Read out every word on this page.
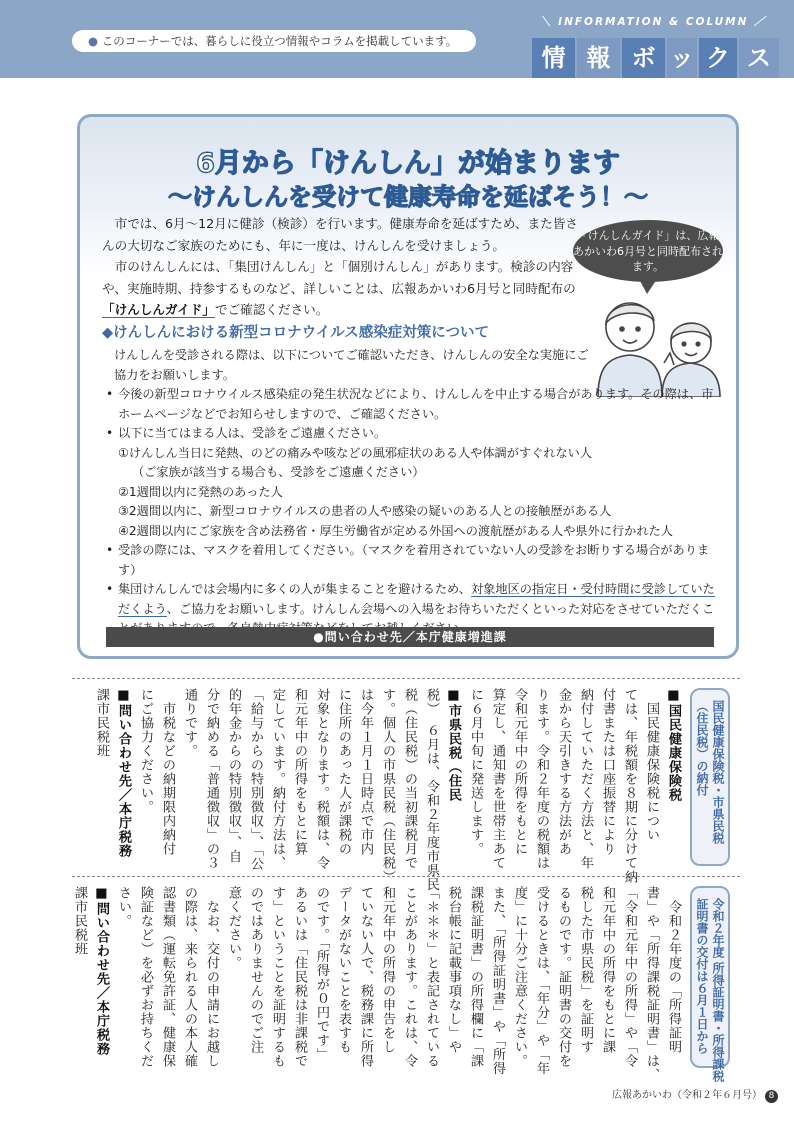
● このコーナーでは、暮らしに役立つ情報やコラムを掲載しています。
＼ INFORMATION & COLUMN ／
情 報 ボ ッ ク ス
6月から「けんしん」が始まります
～けんしんを受けて健康寿命を延ばそう！～

市では、6月～12月に健診（検診）を行います。健康寿命を延ばすため、また皆さんの大切なご家族のためにも、年に一度は、けんしんを受けましょう。

市のけんしんには、「集団けんしん」と「個別けんしん」があります。検診の内容や、実施時期、持参するものなど、詳しいことは、広報あかいわ6月号と同時配布の「けんしんガイド」でご確認ください。

「けんしんガイド」は、広報あかいわ6月号と同時配布されます。
◆けんしんにおける新型コロナウイルス感染症対策について
けんしんを受診される際は、以下についてご確認いただき、けんしんの安全な実施にご協力をお願いします。
• 今後の新型コロナウイルス感染症の発生状況などにより、けんしんを中止する場合があります。その際は、市ホームページなどでお知らせしますので、ご確認ください。
• 以下に当てはまる人は、受診をご遠慮ください。
①けんしん当日に発熱、のどの痛みや咳などの風邪症状のある人や体調がすぐれない人
（ご家族が該当する場合も、受診をご遠慮ください）
②1週間以内に発熱のあった人
③2週間以内に、新型コロナウイルスの患者の人や感染の疑いのある人との接触歴がある人
④2週間以内にご家族を含め法務省・厚生労働省が定める外国への渡航歴がある人や県外に行かれた人
• 受診の際には、マスクを着用してください。（マスクを着用されていない人の受診をお断りする場合があります）
• 集団けんしんでは会場内に多くの人が集まることを避けるため、対象地区の指定日・受付時間に受診していただくよう、ご協力をお願いします。けんしん会場への入場をお待ちいただくといった対応をさせていただくこ
●問い合わせ先／本庁健康増進課
国民健康保険税・市県民税
（住民税）の納付
■国民健康保険税
　国民健康保険税につい
ては、年税額を８期に分けて納
付書または口座振替により
納付していただく方法と、年
金から天引きする方法があ
ります。令和２年度の税額は
令和元年中の所得をもとに
算定し、通知書を世帯主あて
に６月中旬に発送します。
■市県民税（住民
税）　６月は、令和２年度市県民
税（住民税）の当初課税月で
す。個人の市県民税（住民税）
は今年１月１日時点で市内
に住所のあった人が課税の
対象となります。税額は、令
和元年中の所得をもとに算
定しています。納付方法は、
「給与からの特別徴収」、「公
的年金からの特別徴収」、自
分で納める「普通徴収」の３
通りです。
　市税などの納期限内納付
にご協力ください。
■問い合わせ先／本庁税務
課市民税班
令和２年度 所得証明書・所得課税
証明書の交付は６月１日から
　令和２年度の「所得証明
書」や「所得課税証明書」は、
「令和元年中の所得」や「令
和元年中の所得をもとに課
税した市県民税」を証明す
るものです。証明書の交付を
受けるときは、「年分」や「年
度」に十分ご注意ください。
また、「所得証明書」や「所得
課税証明書」の所得欄に「課
税台帳に記載事項なし」や
「＊＊＊」と表記されている
ことがあります。これは、令
和元年中の所得の申告をし
ていない人で、税務課に所得
データがないことを表すも
のです。「所得が０円です」
あるいは「住民税は非課税で
す」ということを証明するも
のではありませんのでご注
意ください。
　なお、交付の申請にお越し
の際は、来られる人の本人確
認書類（運転免許証、健康保
険証など）を必ずお持ちくだ
さい。
■問い合わせ先／本庁税務
課市民税班
広報あかいわ（令和２年６月号） 8
